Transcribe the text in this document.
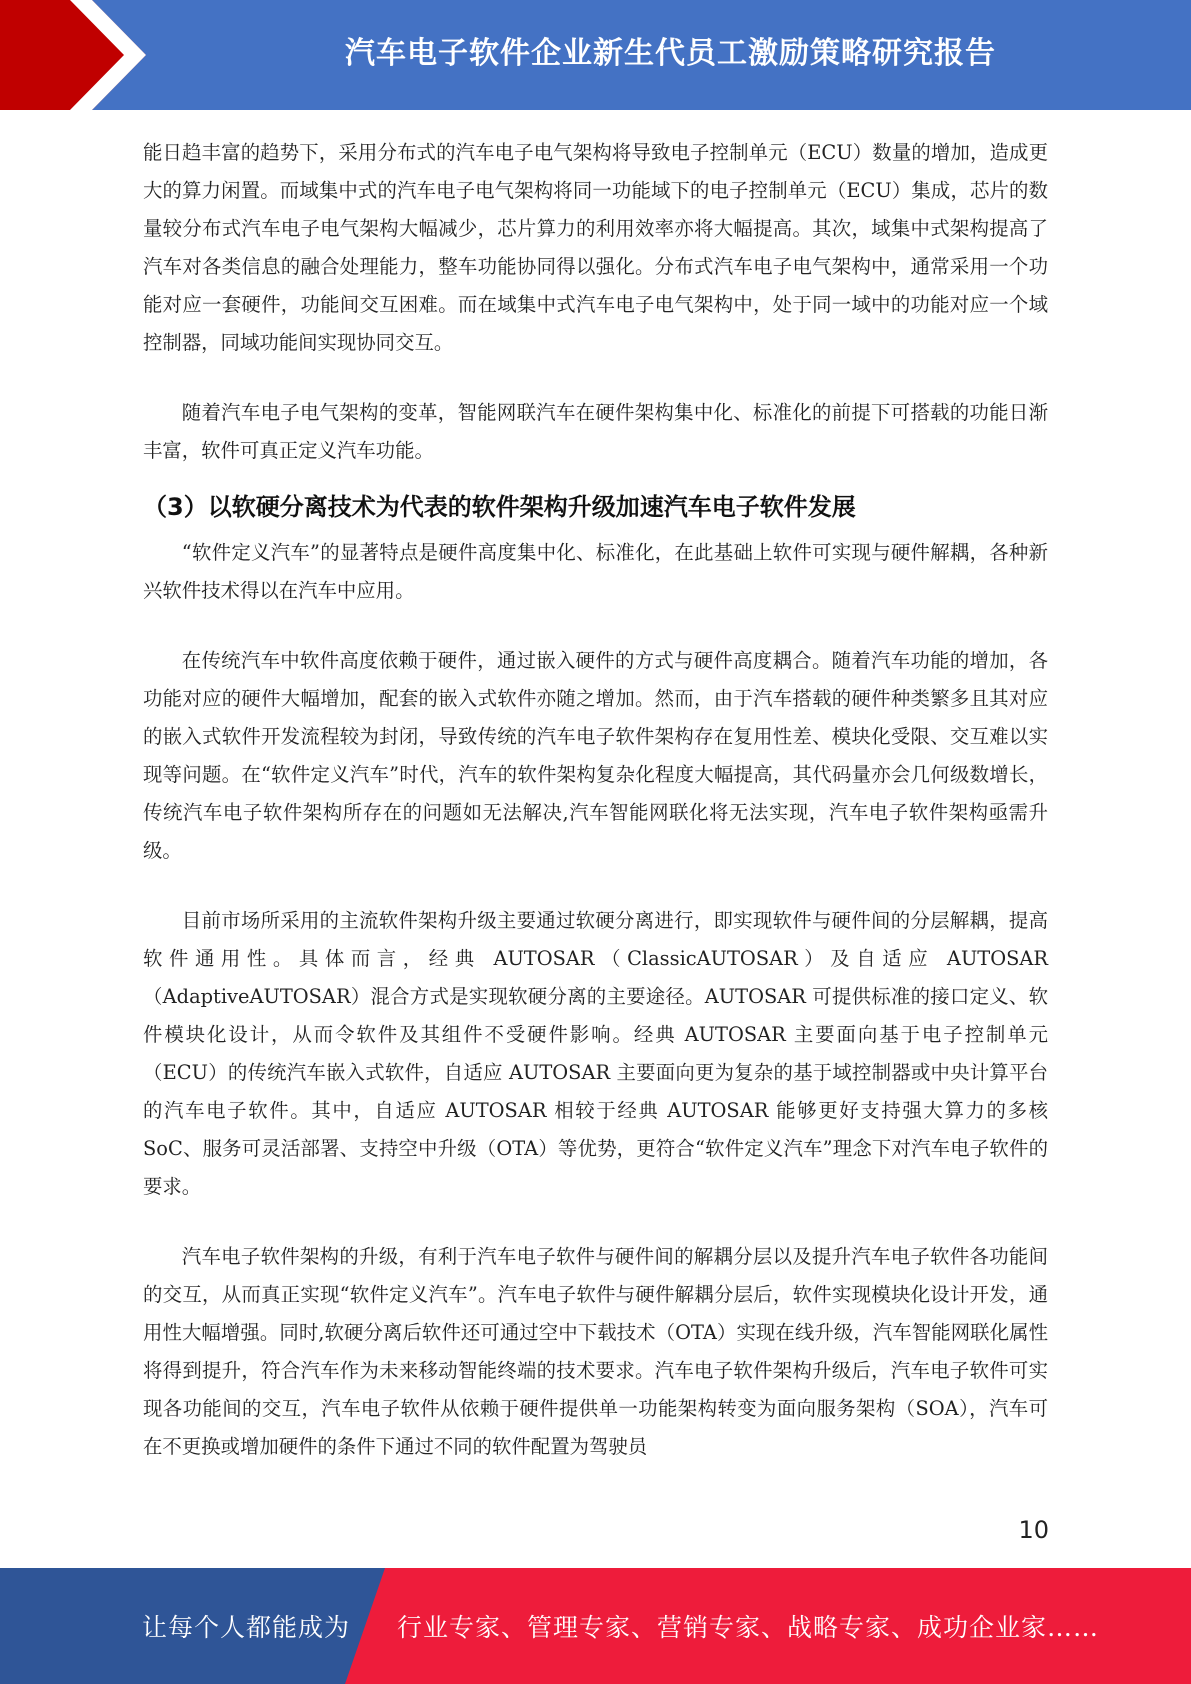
汽车电子软件企业新生代员工激励策略研究报告

能日趋丰富的趋势下，采用分布式的汽车电子电气架构将导致电子控制单元（ECU）数量的增加，造成更大的算力闲置。而域集中式的汽车电子电气架构将同一功能域下的电子控制单元（ECU）集成，芯片的数量较分布式汽车电子电气架构大幅减少，芯片算力的利用效率亦将大幅提高。其次，域集中式架构提高了汽车对各类信息的融合处理能力，整车功能协同得以强化。分布式汽车电子电气架构中，通常采用一个功能对应一套硬件，功能间交互困难。而在域集中式汽车电子电气架构中，处于同一域中的功能对应一个域控制器，同域功能间实现协同交互。

随着汽车电子电气架构的变革，智能网联汽车在硬件架构集中化、标准化的前提下可搭载的功能日渐丰富，软件可真正定义汽车功能。

（3）以软硬分离技术为代表的软件架构升级加速汽车电子软件发展

“软件定义汽车”的显著特点是硬件高度集中化、标准化，在此基础上软件可实现与硬件解耦，各种新兴软件技术得以在汽车中应用。

在传统汽车中软件高度依赖于硬件，通过嵌入硬件的方式与硬件高度耦合。随着汽车功能的增加，各功能对应的硬件大幅增加，配套的嵌入式软件亦随之增加。然而，由于汽车搭载的硬件种类繁多且其对应的嵌入式软件开发流程较为封闭，导致传统的汽车电子软件架构存在复用性差、模块化受限、交互难以实现等问题。在“软件定义汽车”时代，汽车的软件架构复杂化程度大幅提高，其代码量亦会几何级数增长，传统汽车电子软件架构所存在的问题如无法解决,汽车智能网联化将无法实现，汽车电子软件架构亟需升级。

目前市场所采用的主流软件架构升级主要通过软硬分离进行，即实现软件与硬件间的分层解耦，提高软件通用性。具体而言，经典 AUTOSAR（ClassicAUTOSAR）及自适应 AUTOSAR（AdaptiveAUTOSAR）混合方式是实现软硬分离的主要途径。AUTOSAR 可提供标准的接口定义、软件模块化设计，从而令软件及其组件不受硬件影响。经典 AUTOSAR 主要面向基于电子控制单元（ECU）的传统汽车嵌入式软件，自适应 AUTOSAR 主要面向更为复杂的基于域控制器或中央计算平台的汽车电子软件。其中，自适应 AUTOSAR 相较于经典 AUTOSAR 能够更好支持强大算力的多核 SoC、服务可灵活部署、支持空中升级（OTA）等优势，更符合“软件定义汽车”理念下对汽车电子软件的要求。

汽车电子软件架构的升级，有利于汽车电子软件与硬件间的解耦分层以及提升汽车电子软件各功能间的交互，从而真正实现“软件定义汽车”。汽车电子软件与硬件解耦分层后，软件实现模块化设计开发，通用性大幅增强。同时,软硬分离后软件还可通过空中下载技术（OTA）实现在线升级，汽车智能网联化属性将得到提升，符合汽车作为未来移动智能终端的技术要求。汽车电子软件架构升级后，汽车电子软件可实现各功能间的交互，汽车电子软件从依赖于硬件提供单一功能架构转变为面向服务架构（SOA），汽车可在不更换或增加硬件的条件下通过不同的软件配置为驾驶员

10
让每个人都能成为 行业专家、管理专家、营销专家、战略专家、成功企业家……
